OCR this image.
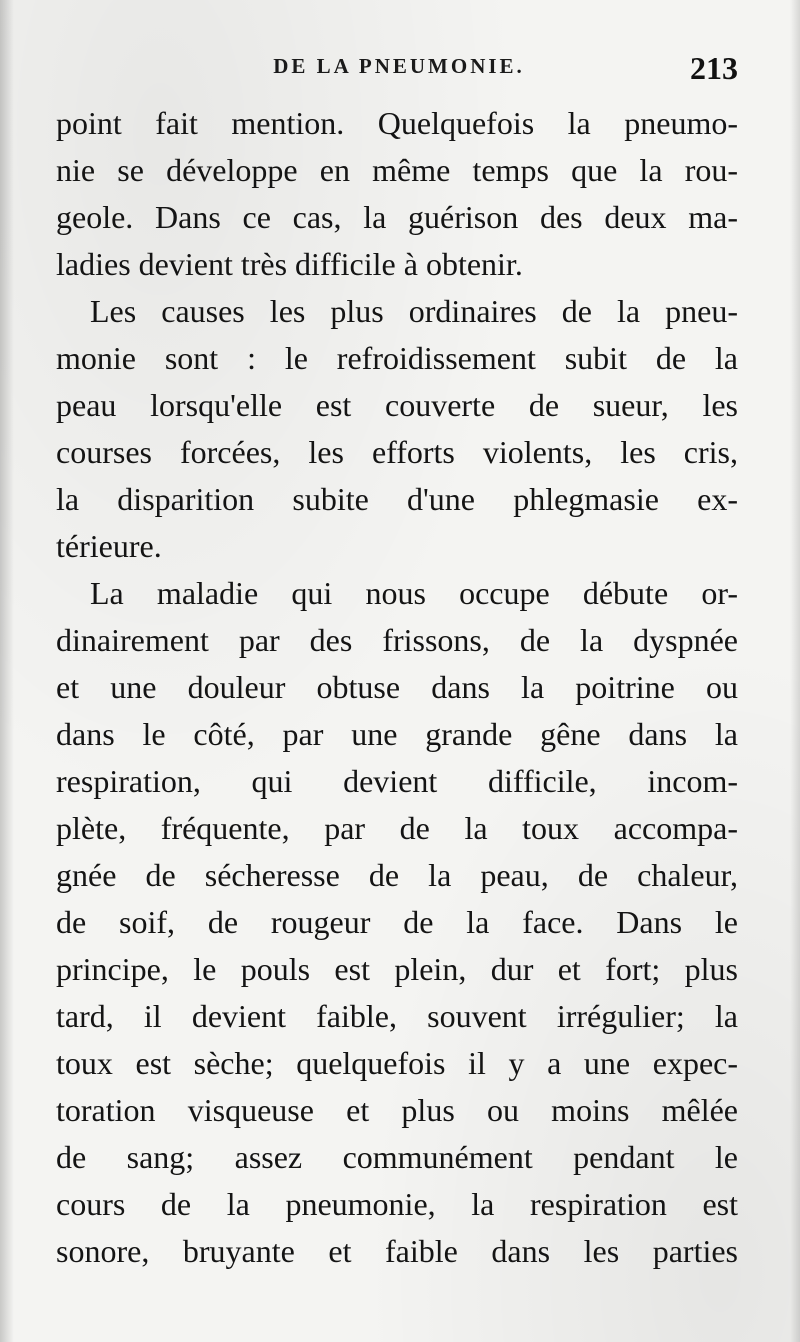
DE LA PNEUMONIE.	213
point fait mention. Quelquefois la pneumo-
nie se développe en même temps que la rou-
geole. Dans ce cas, la guérison des deux ma-
ladies devient très difficile à obtenir.
Les causes les plus ordinaires de la pneu-
monie sont : le refroidissement subit de la
peau lorsqu'elle est couverte de sueur, les
courses forcées, les efforts violents, les cris,
la disparition subite d'une phlegmasie ex-
térieure.
La maladie qui nous occupe débute or-
dinairement par des frissons, de la dyspnée
et une douleur obtuse dans la poitrine ou
dans le côté, par une grande gêne dans la
respiration, qui devient difficile, incom-
plète, fréquente, par de la toux accompa-
gnée de sécheresse de la peau, de chaleur,
de soif, de rougeur de la face. Dans le
principe, le pouls est plein, dur et fort; plus
tard, il devient faible, souvent irrégulier; la
toux est sèche; quelquefois il y a une expec-
toration visqueuse et plus ou moins mêlée
de sang; assez communément pendant le
cours de la pneumonie, la respiration est
sonore, bruyante et faible dans les parties
